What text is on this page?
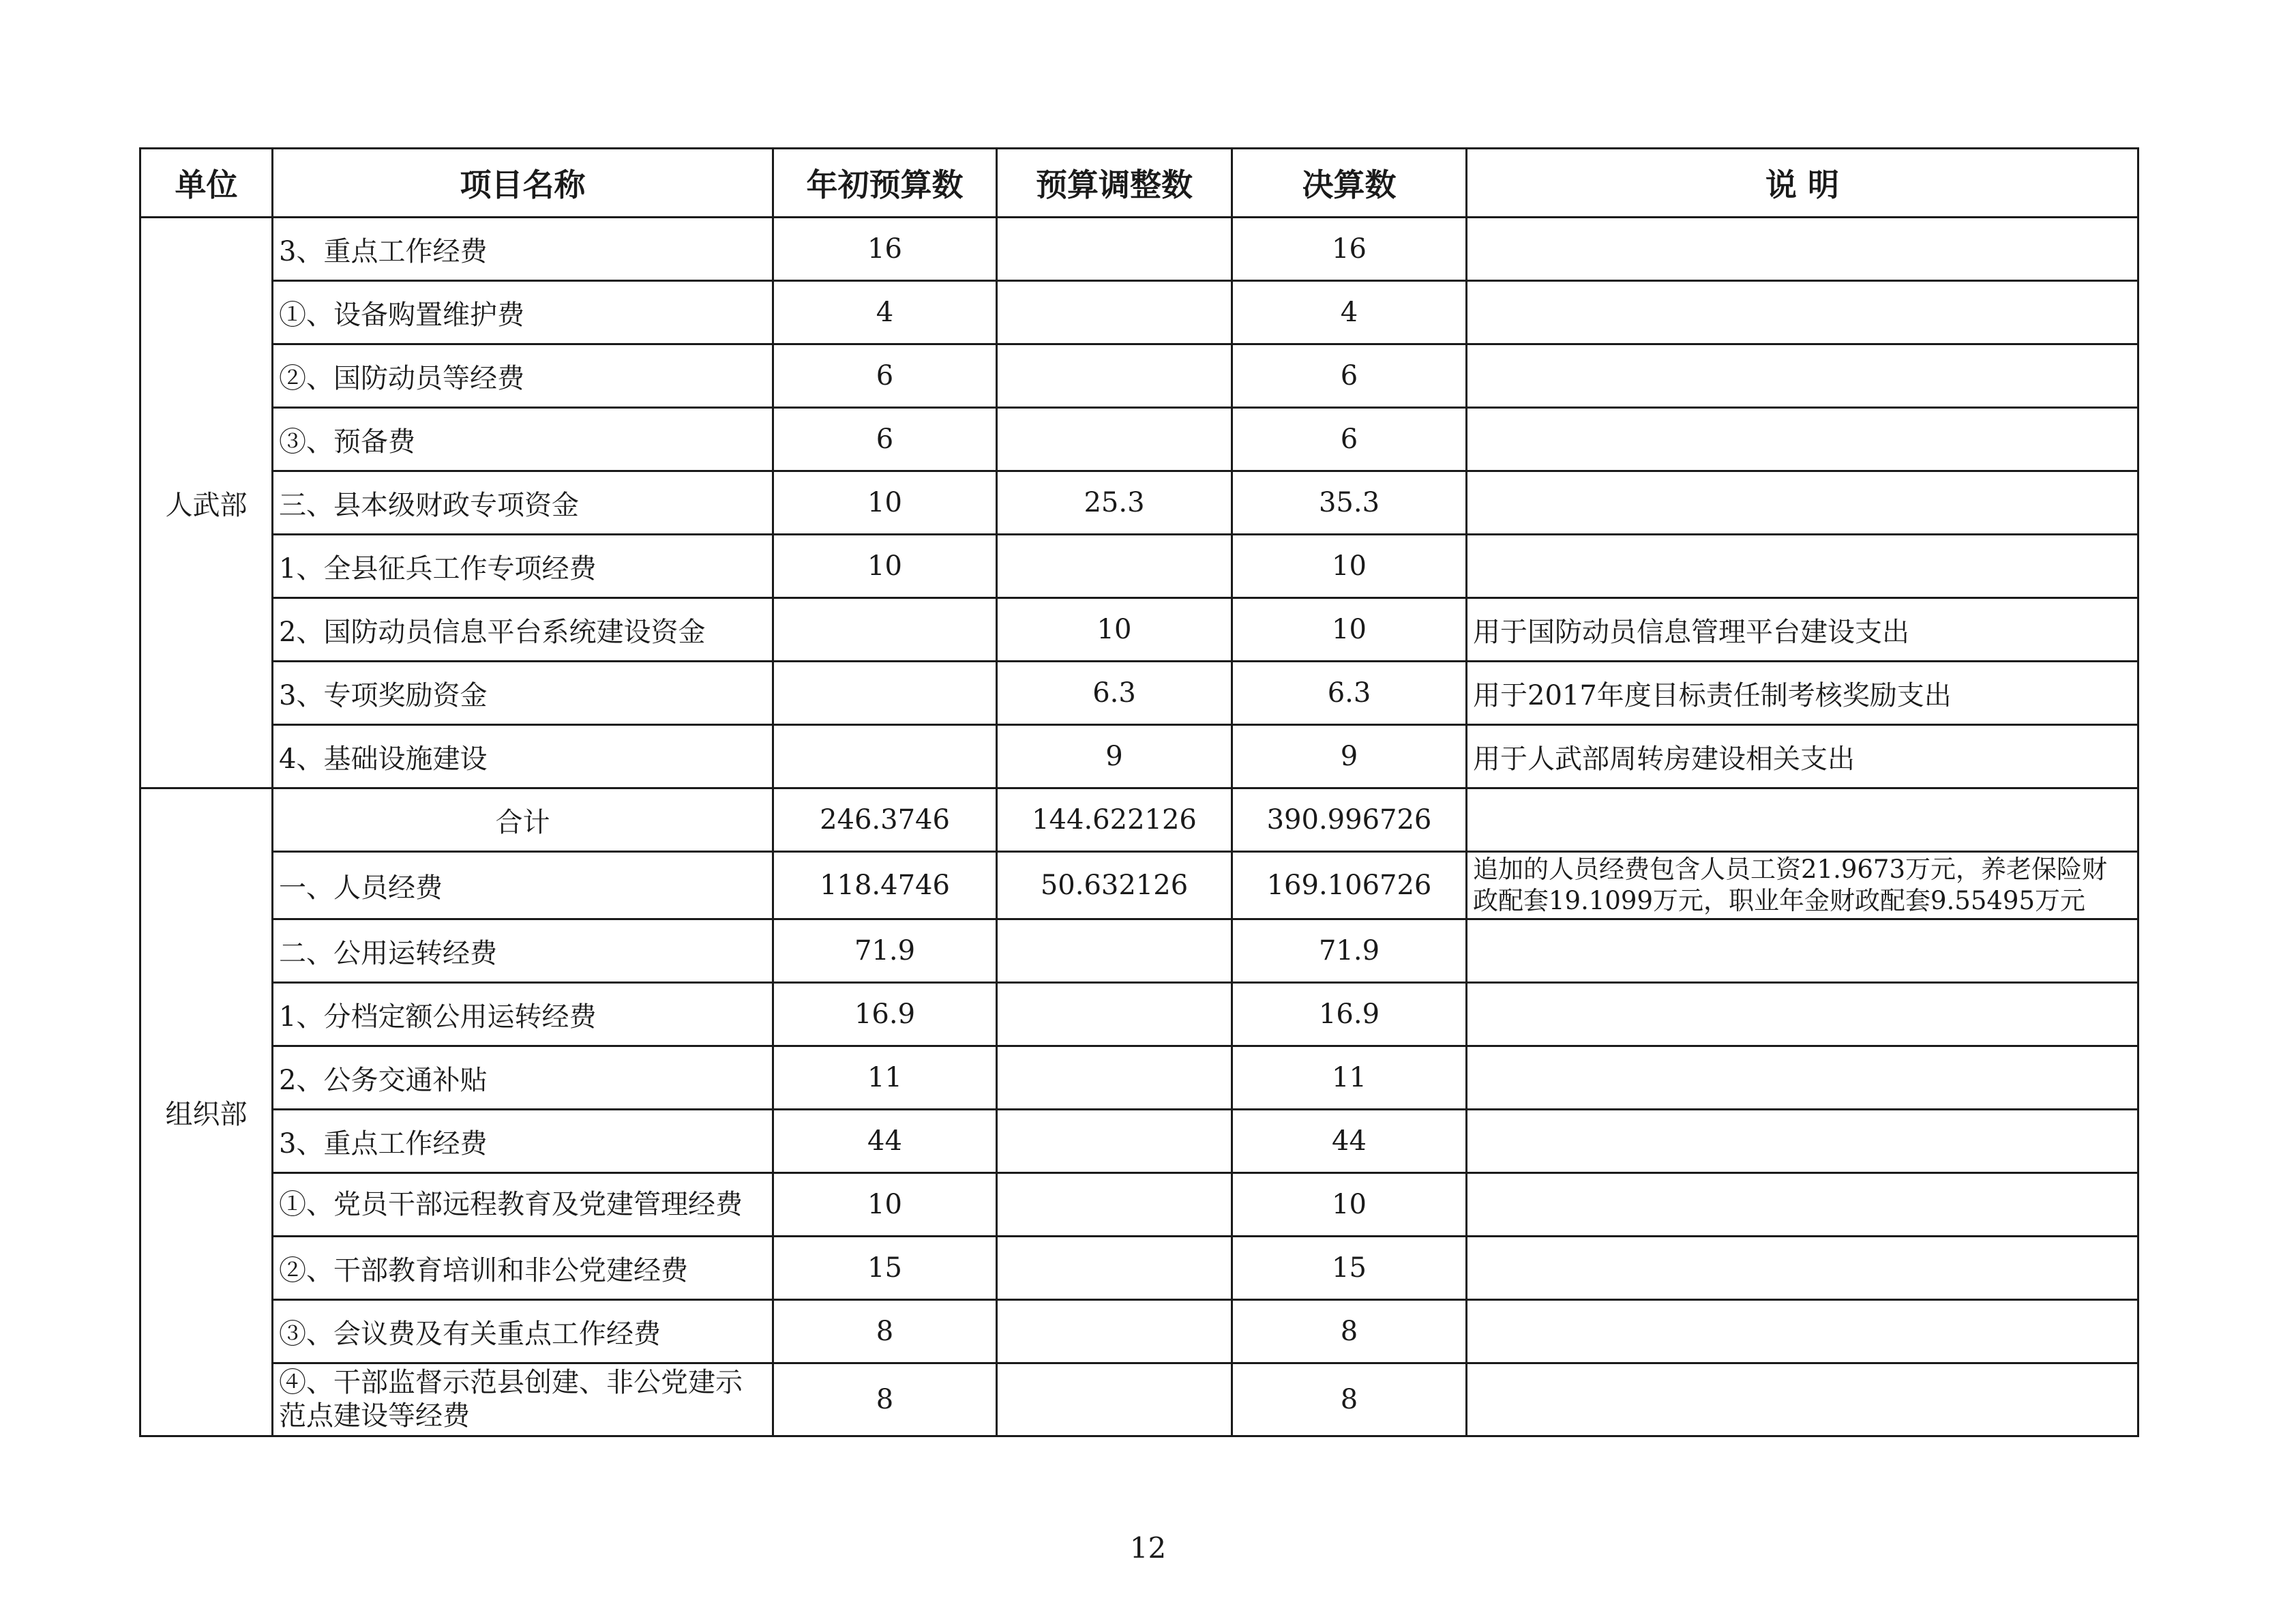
单位	项目名称	年初预算数	预算调整数	决算数	说 明
人武部	3、重点工作经费	16		16	
	①、设备购置维护费	4		4	
	②、国防动员等经费	6		6	
	③、预备费	6		6	
	三、县本级财政专项资金	10	25.3	35.3	
	1、全县征兵工作专项经费	10		10	
	2、国防动员信息平台系统建设资金		10	10	用于国防动员信息管理平台建设支出
	3、专项奖励资金		6.3	6.3	用于2017年度目标责任制考核奖励支出
	4、基础设施建设		9	9	用于人武部周转房建设相关支出
组织部	合计	246.3746	144.622126	390.996726	
	一、人员经费	118.4746	50.632126	169.106726	追加的人员经费包含人员工资21.9673万元，养老保险财政配套19.1099万元，职业年金财政配套9.55495万元
	二、公用运转经费	71.9		71.9	
	1、分档定额公用运转经费	16.9		16.9	
	2、公务交通补贴	11		11	
	3、重点工作经费	44		44	
	①、党员干部远程教育及党建管理经费	10		10	
	②、干部教育培训和非公党建经费	15		15	
	③、会议费及有关重点工作经费	8		8	
	④、干部监督示范县创建、非公党建示范点建设等经费	8		8	
12
